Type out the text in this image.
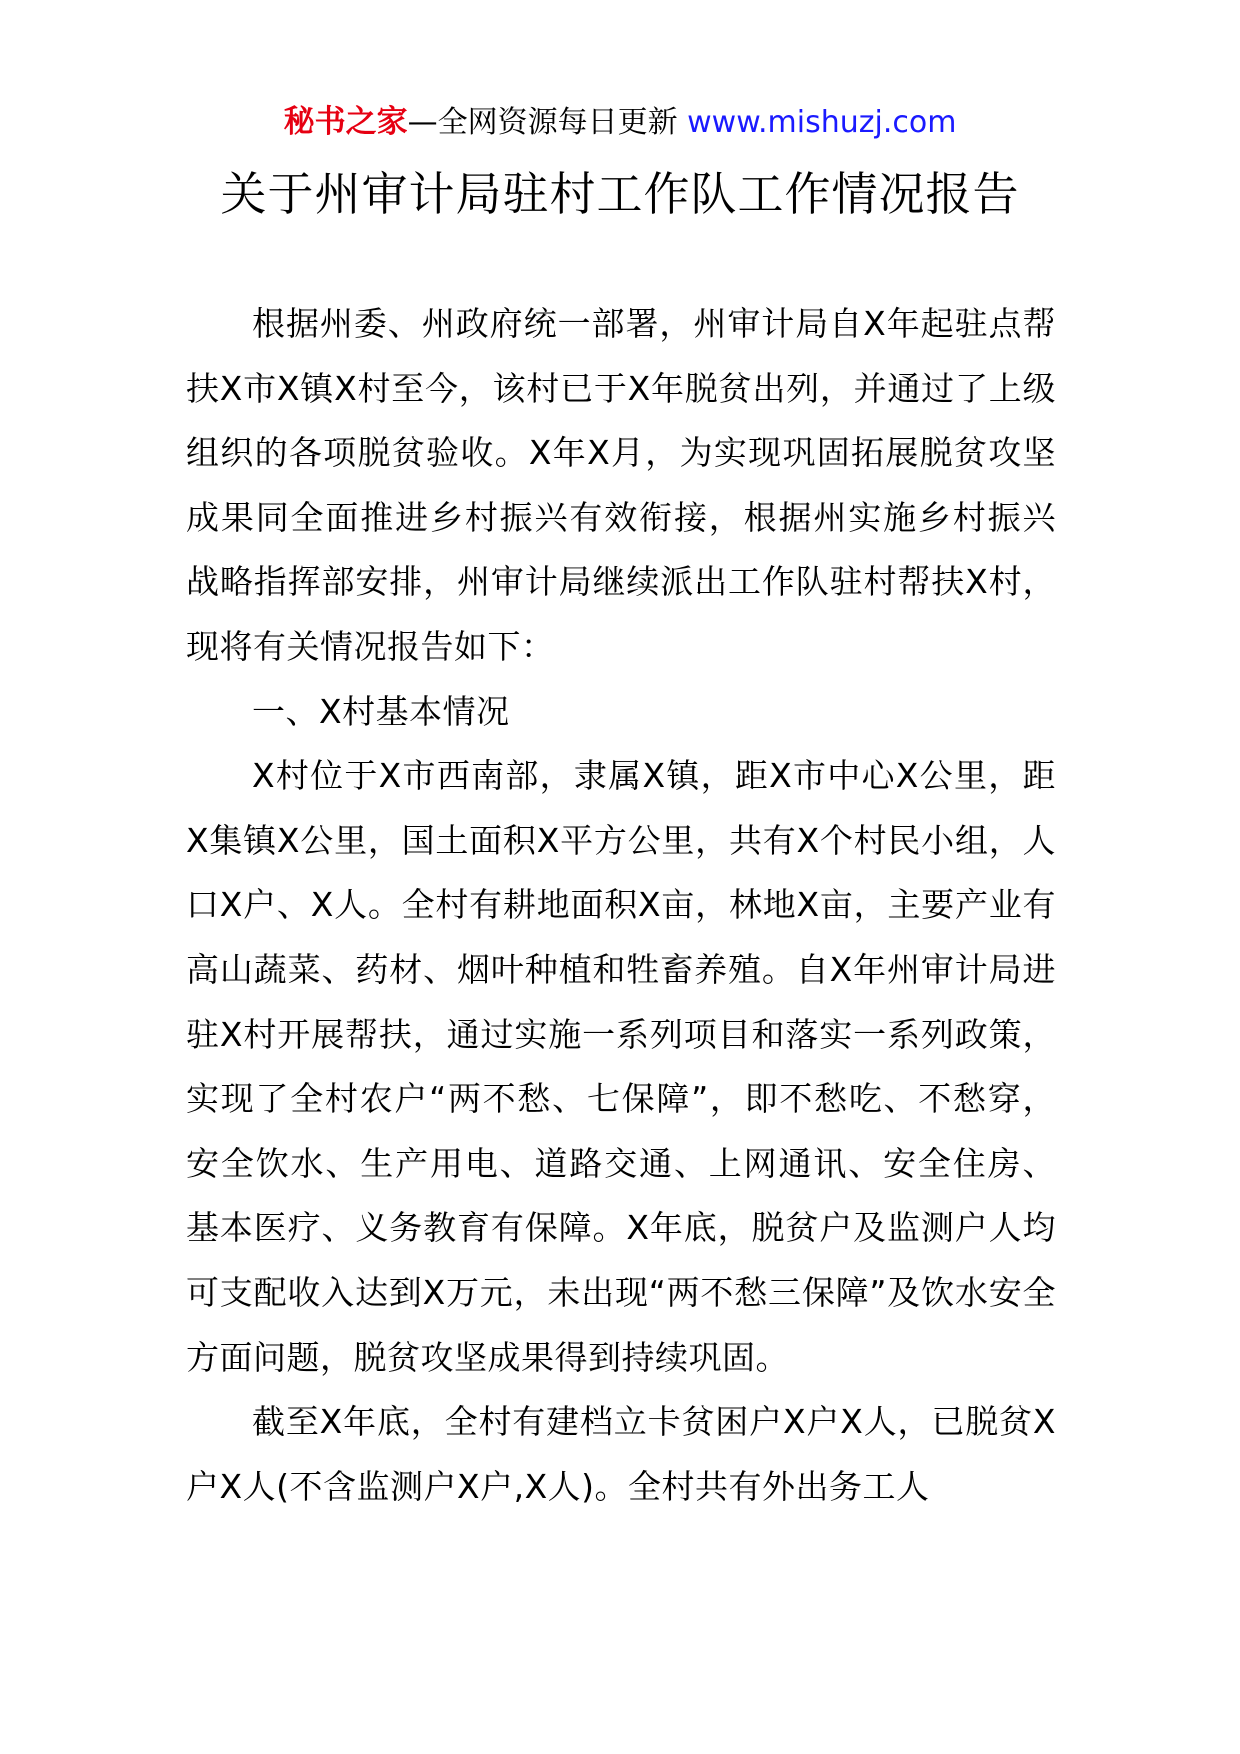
秘书之家—全网资源每日更新 www.mishuzj.com
关于州审计局驻村工作队工作情况报告

根据州委、州政府统一部署，州审计局自X年起驻点帮扶X市X镇X村至今，该村已于X年脱贫出列，并通过了上级组织的各项脱贫验收。X年X月，为实现巩固拓展脱贫攻坚成果同全面推进乡村振兴有效衔接，根据州实施乡村振兴战略指挥部安排，州审计局继续派出工作队驻村帮扶X村，现将有关情况报告如下：

一、X村基本情况

X村位于X市西南部，隶属X镇，距X市中心X公里，距X集镇X公里，国土面积X平方公里，共有X个村民小组，人口X户、X人。全村有耕地面积X亩，林地X亩，主要产业有高山蔬菜、药材、烟叶种植和牲畜养殖。自X年州审计局进驻X村开展帮扶，通过实施一系列项目和落实一系列政策，实现了全村农户“两不愁、七保障”，即不愁吃、不愁穿，安全饮水、生产用电、道路交通、上网通讯、安全住房、基本医疗、义务教育有保障。X年底，脱贫户及监测户人均可支配收入达到X万元，未出现“两不愁三保障”及饮水安全方面问题，脱贫攻坚成果得到持续巩固。

截至X年底，全村有建档立卡贫困户X户X人，已脱贫X户X人(不含监测户X户,X人)。全村共有外出务工人
